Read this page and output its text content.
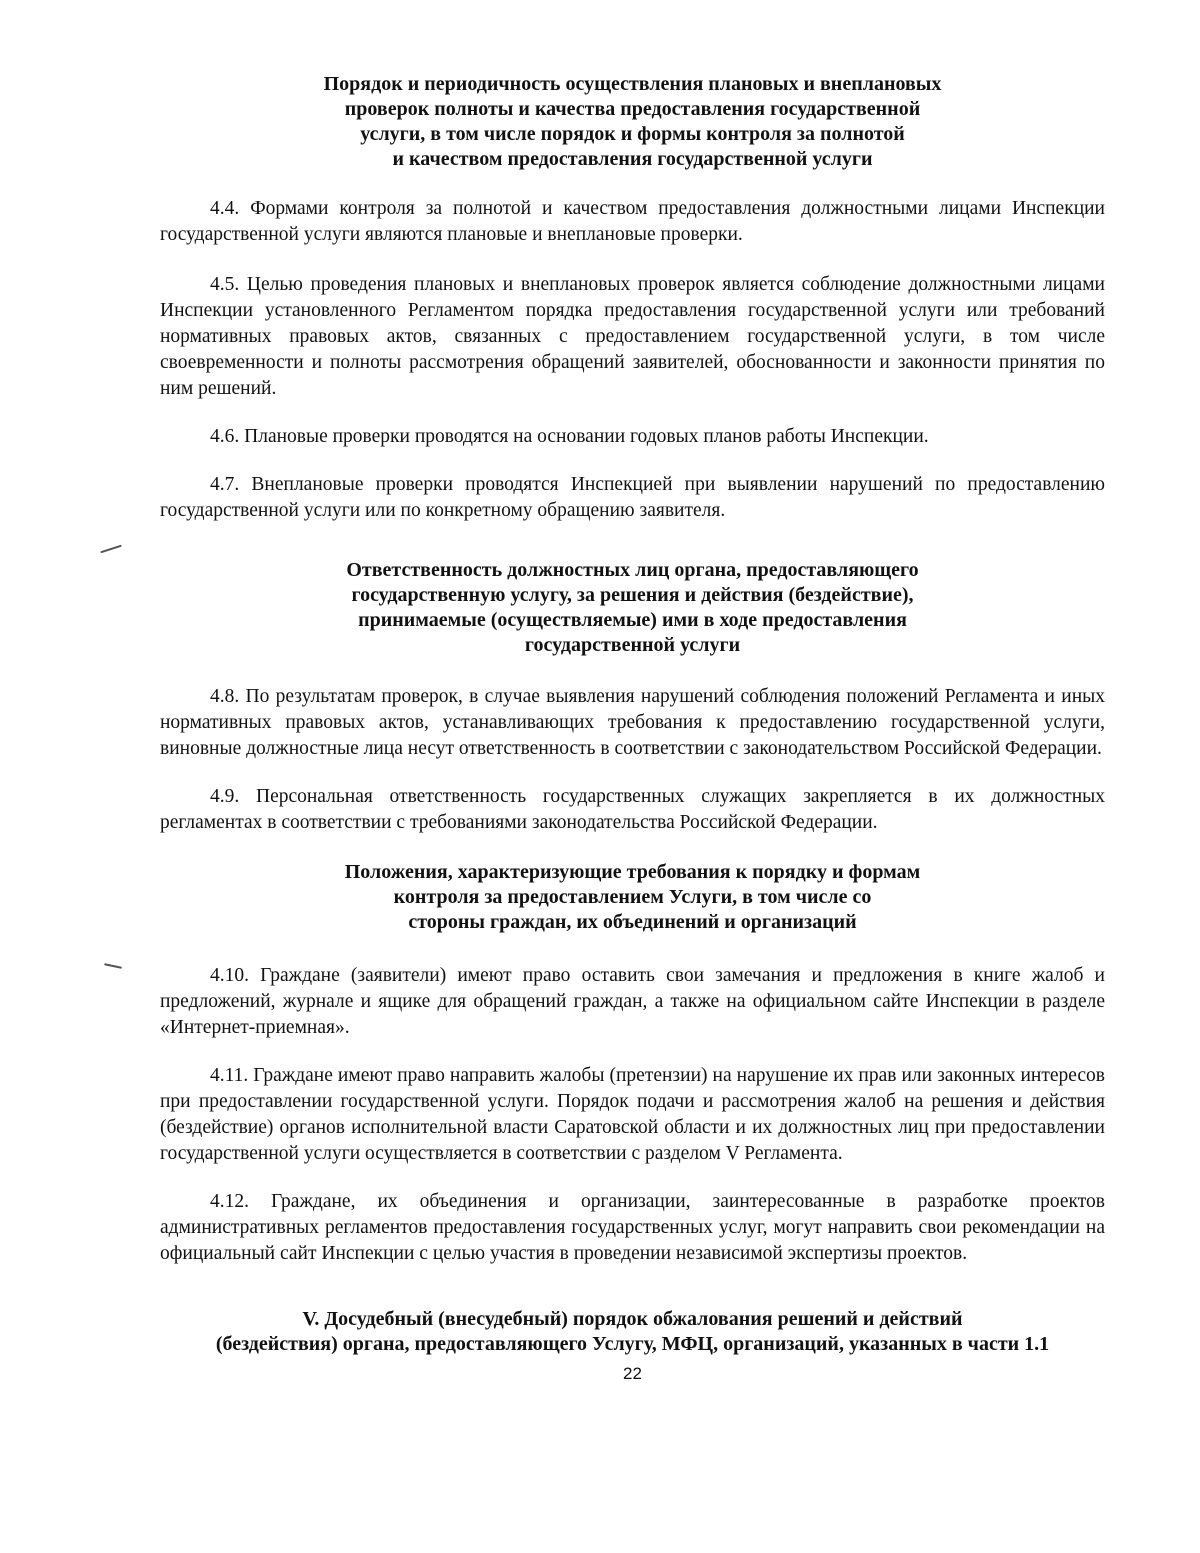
Порядок и периодичность осуществления плановых и внеплановых
проверок полноты и качества предоставления государственной
услуги, в том числе порядок и формы контроля за полнотой
и качеством предоставления государственной услуги

4.4. Формами контроля за полнотой и качеством предоставления должностными лицами Инспекции государственной услуги являются плановые и внеплановые проверки.

4.5. Целью проведения плановых и внеплановых проверок является соблюдение должностными лицами Инспекции установленного Регламентом порядка предоставления государственной услуги или требований нормативных правовых актов, связанных с предоставлением государственной услуги, в том числе своевременности и полноты рассмотрения обращений заявителей, обоснованности и законности принятия по ним решений.

4.6. Плановые проверки проводятся на основании годовых планов работы Инспекции.

4.7. Внеплановые проверки проводятся Инспекцией при выявлении нарушений по предоставлению государственной услуги или по конкретному обращению заявителя.

Ответственность должностных лиц органа, предоставляющего
государственную услугу, за решения и действия (бездействие),
принимаемые (осуществляемые) ими в ходе предоставления
государственной услуги

4.8. По результатам проверок, в случае выявления нарушений соблюдения положений Регламента и иных нормативных правовых актов, устанавливающих требования к предоставлению государственной услуги, виновные должностные лица несут ответственность в соответствии с законодательством Российской Федерации.

4.9. Персональная ответственность государственных служащих закрепляется в их должностных регламентах в соответствии с требованиями законодательства Российской Федерации.

Положения, характеризующие требования к порядку и формам
контроля за предоставлением Услуги, в том числе со
стороны граждан, их объединений и организаций

4.10. Граждане (заявители) имеют право оставить свои замечания и предложения в книге жалоб и предложений, журнале и ящике для обращений граждан, а также на официальном сайте Инспекции в разделе «Интернет-приемная».

4.11. Граждане имеют право направить жалобы (претензии) на нарушение их прав или законных интересов при предоставлении государственной услуги. Порядок подачи и рассмотрения жалоб на решения и действия (бездействие) органов исполнительной власти Саратовской области и их должностных лиц при предоставлении государственной услуги осуществляется в соответствии с разделом V Регламента.

4.12. Граждане, их объединения и организации, заинтересованные в разработке проектов административных регламентов предоставления государственных услуг, могут направить свои рекомендации на официальный сайт Инспекции с целью участия в проведении независимой экспертизы проектов.

V. Досудебный (внесудебный) порядок обжалования решений и действий
(бездействия) органа, предоставляющего Услугу, МФЦ, организаций, указанных в части 1.1

22
